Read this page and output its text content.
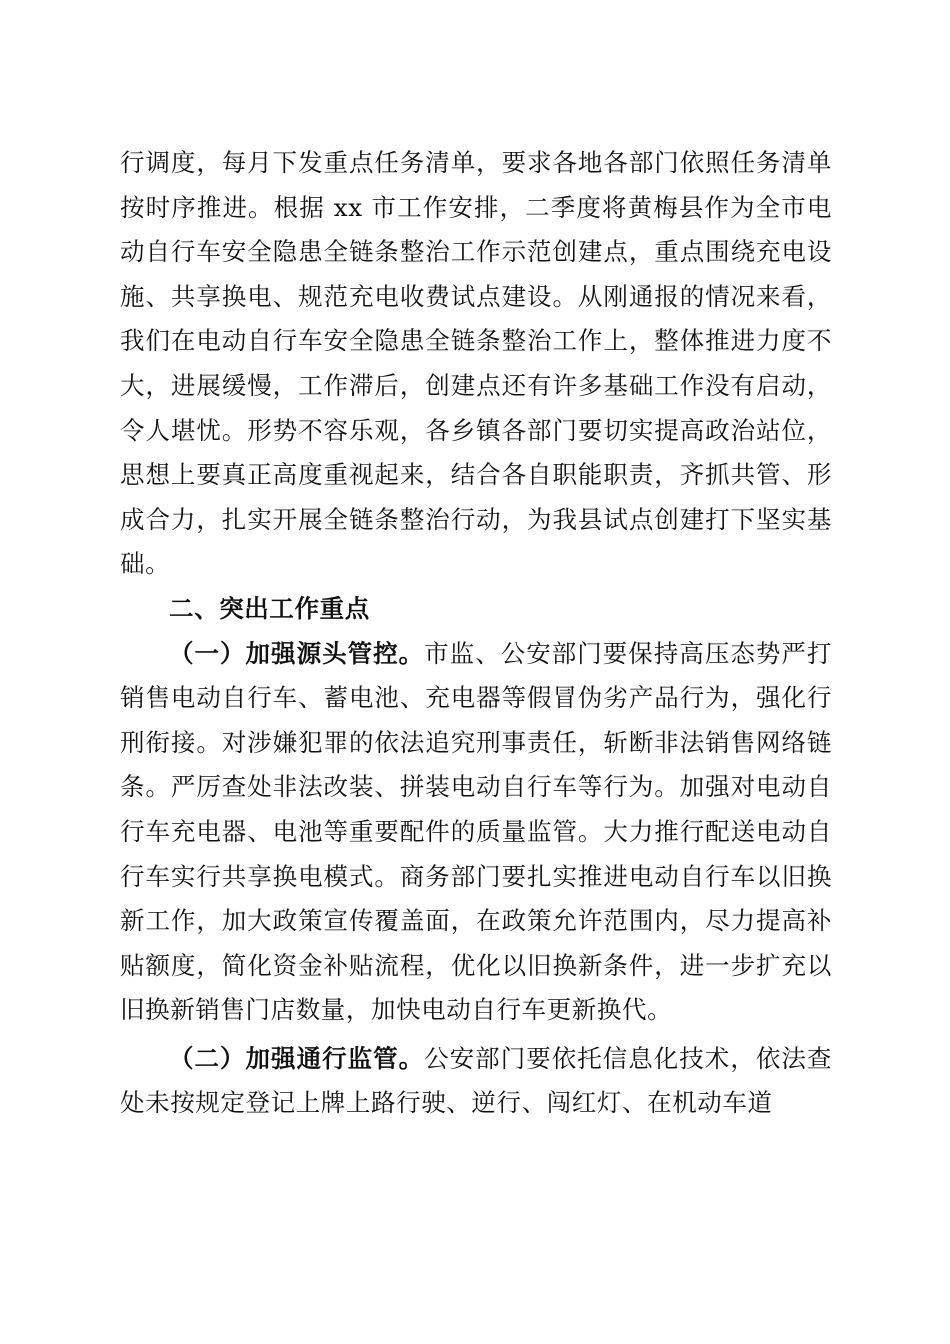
行调度，每月下发重点任务清单，要求各地各部门依照任务清单按时序推进。根据 xx 市工作安排，二季度将黄梅县作为全市电动自行车安全隐患全链条整治工作示范创建点，重点围绕充电设施、共享换电、规范充电收费试点建设。从刚通报的情况来看，我们在电动自行车安全隐患全链条整治工作上，整体推进力度不大，进展缓慢，工作滞后，创建点还有许多基础工作没有启动，令人堪忧。形势不容乐观，各乡镇各部门要切实提高政治站位，思想上要真正高度重视起来，结合各自职能职责，齐抓共管、形成合力，扎实开展全链条整治行动，为我县试点创建打下坚实基础。

二、突出工作重点

（一）加强源头管控。市监、公安部门要保持高压态势严打销售电动自行车、蓄电池、充电器等假冒伪劣产品行为，强化行刑衔接。对涉嫌犯罪的依法追究刑事责任，斩断非法销售网络链条。严厉查处非法改装、拼装电动自行车等行为。加强对电动自行车充电器、电池等重要配件的质量监管。大力推行配送电动自行车实行共享换电模式。商务部门要扎实推进电动自行车以旧换新工作，加大政策宣传覆盖面，在政策允许范围内，尽力提高补贴额度，简化资金补贴流程，优化以旧换新条件，进一步扩充以旧换新销售门店数量，加快电动自行车更新换代。

（二）加强通行监管。公安部门要依托信息化技术，依法查处未按规定登记上牌上路行驶、逆行、闯红灯、在机动车道
